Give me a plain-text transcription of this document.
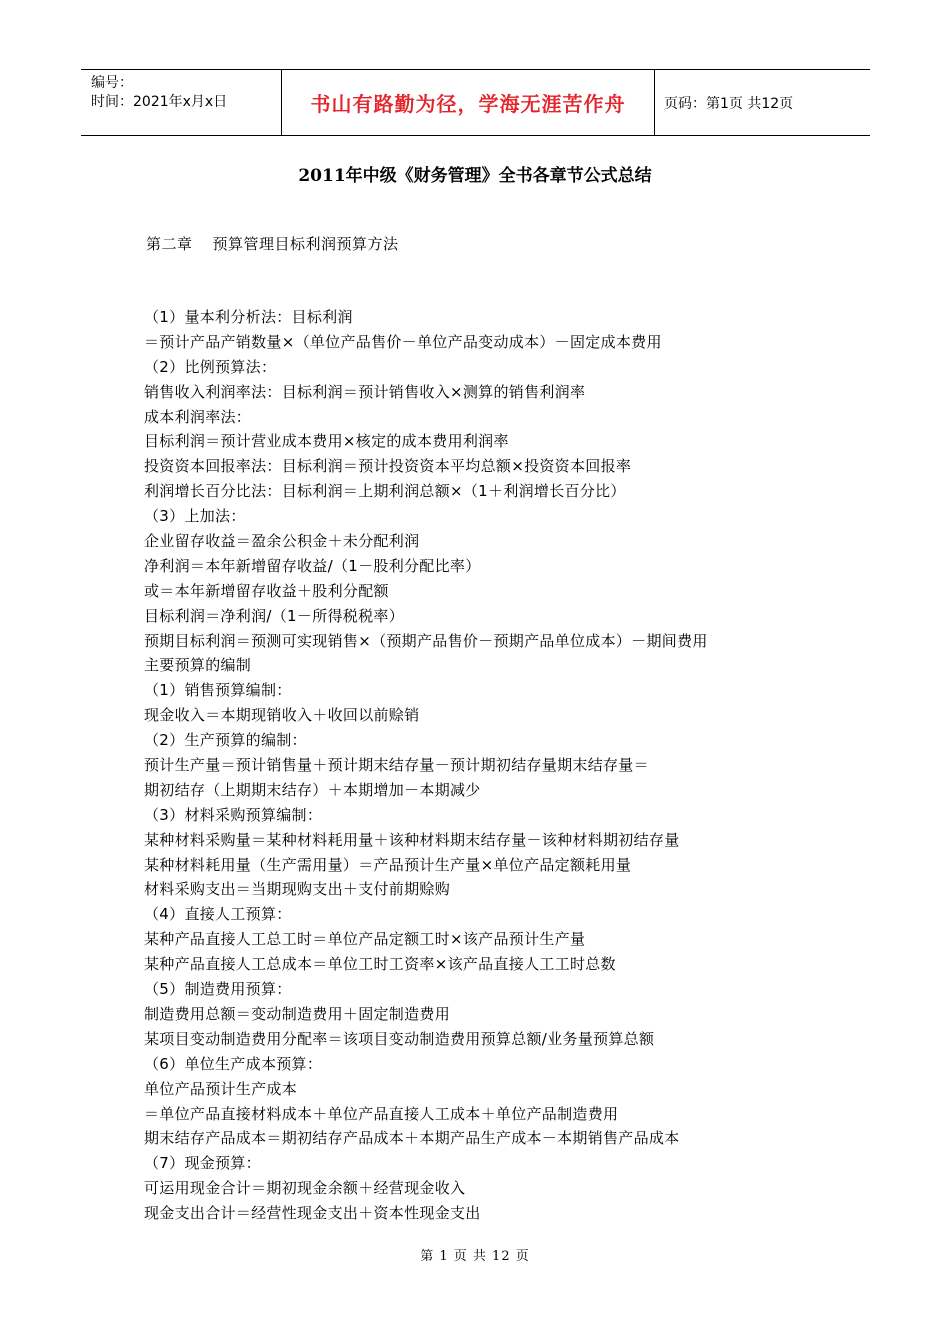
编号：
时间：2021年x月x日	书山有路勤为径，学海无涯苦作舟	页码：第1页 共12页
2011年中级《财务管理》全书各章节公式总结
第二章 预算管理目标利润预算方法
（1）量本利分析法：目标利润
＝预计产品产销数量×（单位产品售价－单位产品变动成本）－固定成本费用
（2）比例预算法：
销售收入利润率法：目标利润＝预计销售收入×测算的销售利润率
成本利润率法：
目标利润＝预计营业成本费用×核定的成本费用利润率
投资资本回报率法：目标利润＝预计投资资本平均总额×投资资本回报率
利润增长百分比法：目标利润＝上期利润总额×（1＋利润增长百分比）
（3）上加法：
企业留存收益＝盈余公积金＋未分配利润
净利润＝本年新增留存收益/（1－股利分配比率）
或＝本年新增留存收益＋股利分配额
目标利润＝净利润/（1－所得税税率）
预期目标利润＝预测可实现销售×（预期产品售价－预期产品单位成本）－期间费用
主要预算的编制
（1）销售预算编制：
现金收入＝本期现销收入＋收回以前赊销
（2）生产预算的编制：
预计生产量＝预计销售量＋预计期末结存量－预计期初结存量期末结存量＝
期初结存（上期期末结存）＋本期增加－本期减少
（3）材料采购预算编制：
某种材料采购量＝某种材料耗用量＋该种材料期末结存量－该种材料期初结存量
某种材料耗用量（生产需用量）＝产品预计生产量×单位产品定额耗用量
材料采购支出＝当期现购支出＋支付前期赊购
（4）直接人工预算：
某种产品直接人工总工时＝单位产品定额工时×该产品预计生产量
某种产品直接人工总成本＝单位工时工资率×该产品直接人工工时总数
（5）制造费用预算：
制造费用总额＝变动制造费用＋固定制造费用
某项目变动制造费用分配率＝该项目变动制造费用预算总额/业务量预算总额
（6）单位生产成本预算：
单位产品预计生产成本
＝单位产品直接材料成本＋单位产品直接人工成本＋单位产品制造费用
期末结存产品成本＝期初结存产品成本＋本期产品生产成本－本期销售产品成本
（7）现金预算：
可运用现金合计＝期初现金余额＋经营现金收入
现金支出合计＝经营性现金支出＋资本性现金支出
第 1 页 共 12 页
